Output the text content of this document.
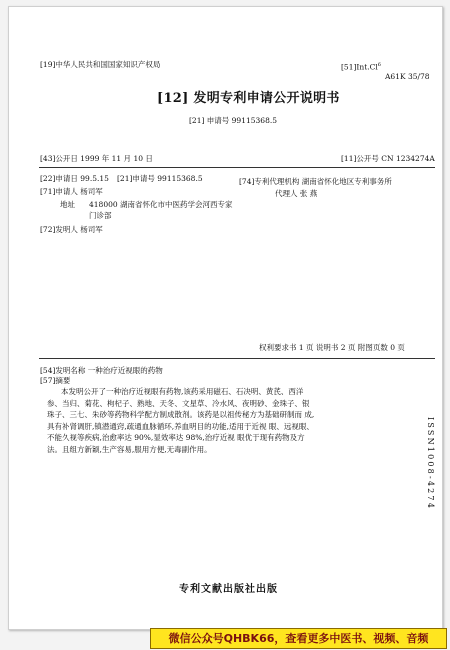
[19]中华人民共和国国家知识产权局	[51]Int.Cl$^6$
A61K 35/78
[12] 发明专利申请公开说明书
[21] 申请号 99115368.5
[43]公开日 1999 年 11 月 10 日	[11]公开号 CN 1234274A
[22]申请日 99.5.15 [21]申请号 99115368.5
[71]申请人 杨司军
地址 418000 湖南省怀化市中医药学会河西专家
门诊部
[72]发明人 杨司军
[74]专利代理机构 湖南省怀化地区专利事务所
代理人 张 燕
权利要求书 1 页 说明书 2 页 附图页数 0 页
[54]发明名称 一种治疗近视眼的药物
[57]摘要
本发明公开了一种治疗近视眼有药物,该药采用磁石、石决明、黄芪、西洋参、当归、菊花、枸杞子、熟地、天冬、文星草、冷水风、夜明砂、金珠子、银 珠子、三七、朱砂等药物科学配方制成散剂。该药是以祖传秘方为基础研制而 成,具有补肾调肝,镇潜通窍,疏通血脉循环,养血明目的功能,适用于近视 眼、远视眼、不能久视等疾病,治愈率达 90%,显效率达 98%,治疗近视 眼优于现有药物及方法。且组方新颖,生产容易,服用方便,无毒副作用。	ISSN1008-4274
专利文献出版社出版
微信公众号QHBK66，查看更多中医书、视频、音频
